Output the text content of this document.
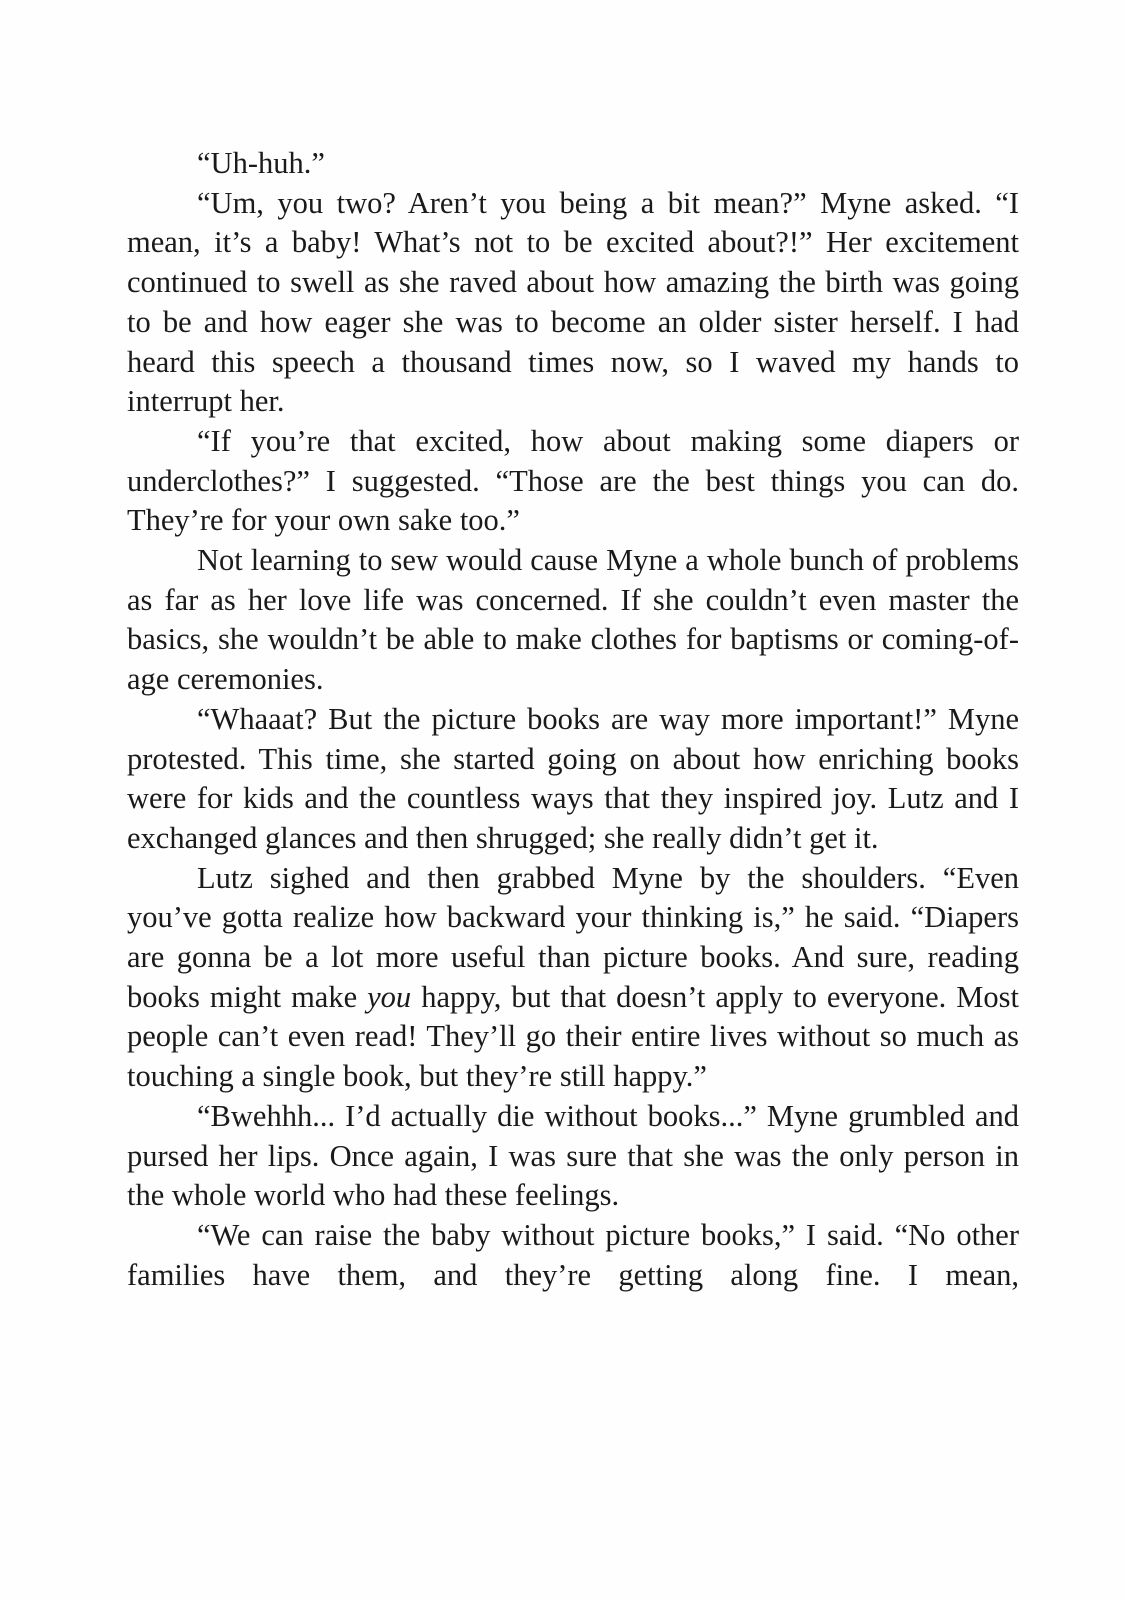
“Uh-huh.”

“Um, you two? Aren’t you being a bit mean?” Myne asked. “I mean, it’s a baby! What’s not to be excited about?!” Her excitement continued to swell as she raved about how amazing the birth was going to be and how eager she was to become an older sister herself. I had heard this speech a thousand times now, so I waved my hands to interrupt her.

“If you’re that excited, how about making some diapers or underclothes?” I suggested. “Those are the best things you can do. They’re for your own sake too.”

Not learning to sew would cause Myne a whole bunch of problems as far as her love life was concerned. If she couldn’t even master the basics, she wouldn’t be able to make clothes for baptisms or coming-of-age ceremonies.

“Whaaat? But the picture books are way more important!” Myne protested. This time, she started going on about how enriching books were for kids and the countless ways that they inspired joy. Lutz and I exchanged glances and then shrugged; she really didn’t get it.

Lutz sighed and then grabbed Myne by the shoulders. “Even you’ve gotta realize how backward your thinking is,” he said. “Diapers are gonna be a lot more useful than picture books. And sure, reading books might make you happy, but that doesn’t apply to everyone. Most people can’t even read! They’ll go their entire lives without so much as touching a single book, but they’re still happy.”

“Bwehhh... I’d actually die without books...” Myne grumbled and pursed her lips. Once again, I was sure that she was the only person in the whole world who had these feelings.

“We can raise the baby without picture books,” I said. “No other families have them, and they’re getting along fine. I mean,
